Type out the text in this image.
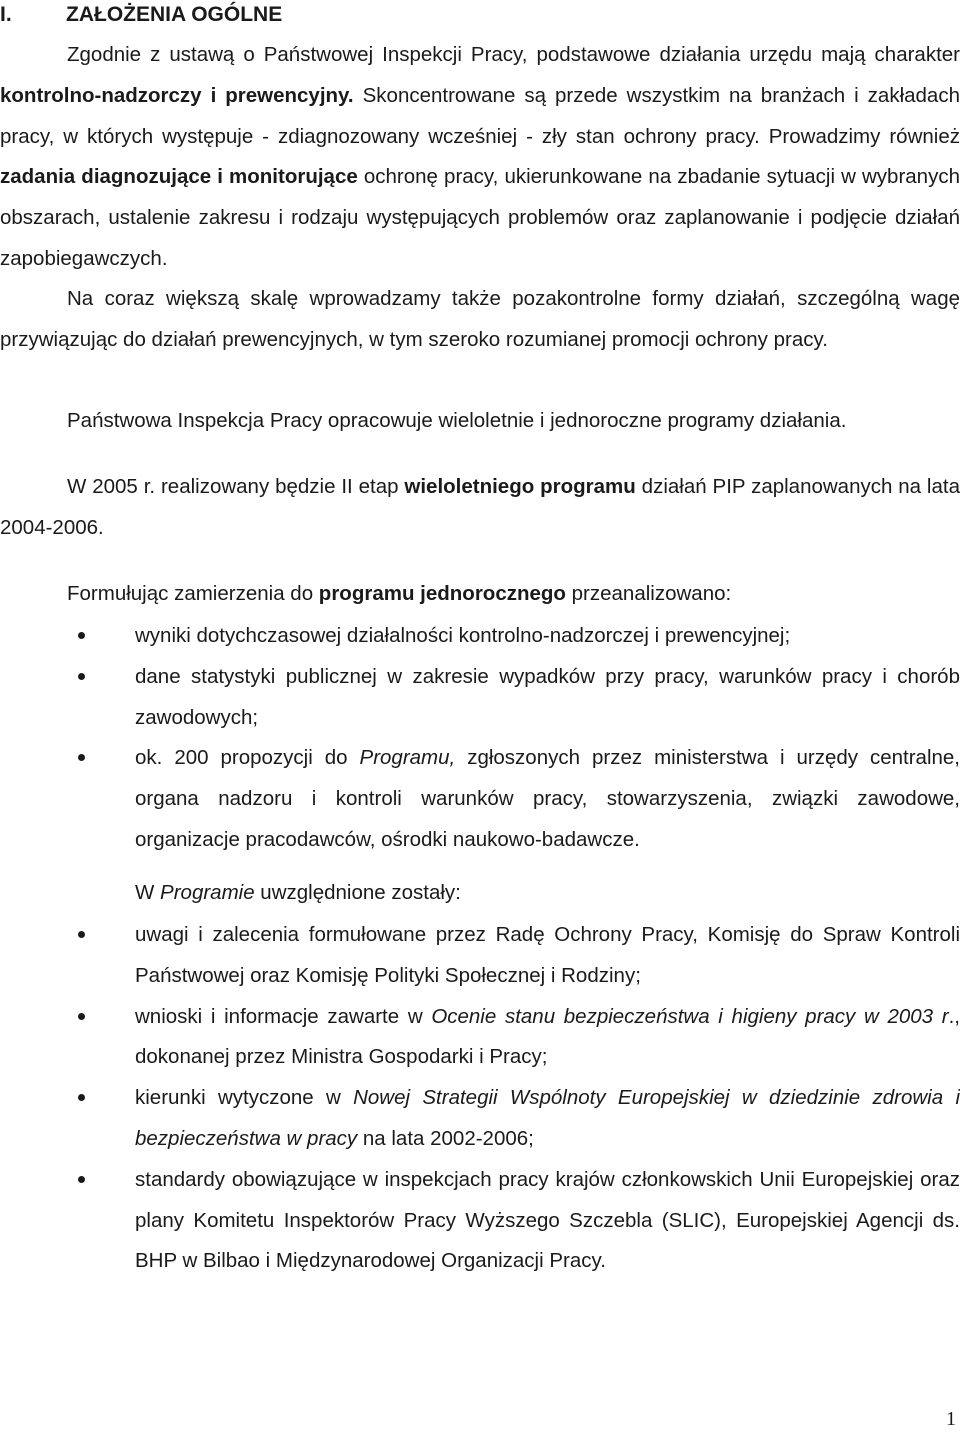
I.	ZAŁOŻENIA OGÓLNE

Zgodnie z ustawą o Państwowej Inspekcji Pracy, podstawowe działania urzędu mają charakter kontrolno-nadzorczy i prewencyjny. Skoncentrowane są przede wszystkim na branżach i zakładach pracy, w których występuje - zdiagnozowany wcześniej - zły stan ochrony pracy. Prowadzimy również zadania diagnozujące i monitorujące ochronę pracy, ukierunkowane na zbadanie sytuacji w wybranych obszarach, ustalenie zakresu i rodzaju występujących problemów oraz zaplanowanie i podjęcie działań zapobiegawczych.

Na coraz większą skalę wprowadzamy także pozakontrolne formy działań, szczególną wagę przywiązując do działań prewencyjnych, w tym szeroko rozumianej promocji ochrony pracy.

Państwowa Inspekcja Pracy opracowuje wieloletnie i jednoroczne programy działania.

W 2005 r. realizowany będzie II etap wieloletniego programu działań PIP zaplanowanych na lata 2004-2006.

Formułując zamierzenia do programu jednorocznego przeanalizowano:

wyniki dotychczasowej działalności kontrolno-nadzorczej i prewencyjnej;
dane statystyki publicznej w zakresie wypadków przy pracy, warunków pracy i chorób zawodowych;
ok. 200 propozycji do Programu, zgłoszonych przez ministerstwa i urzędy centralne, organa nadzoru i kontroli warunków pracy, stowarzyszenia, związki zawodowe, organizacje pracodawców, ośrodki naukowo-badawcze.

W Programie uwzględnione zostały:

uwagi i zalecenia formułowane przez Radę Ochrony Pracy, Komisję do Spraw Kontroli Państwowej oraz Komisję Polityki Społecznej i Rodziny;
wnioski i informacje zawarte w Ocenie stanu bezpieczeństwa i higieny pracy w 2003 r., dokonanej przez Ministra Gospodarki i Pracy;
kierunki wytyczone w Nowej Strategii Wspólnoty Europejskiej w dziedzinie zdrowia i bezpieczeństwa w pracy na lata 2002-2006;
standardy obowiązujące w inspekcjach pracy krajów członkowskich Unii Europejskiej oraz plany Komitetu Inspektorów Pracy Wyższego Szczebla (SLIC), Europejskiej Agencji ds. BHP w Bilbao i Międzynarodowej Organizacji Pracy.
1
